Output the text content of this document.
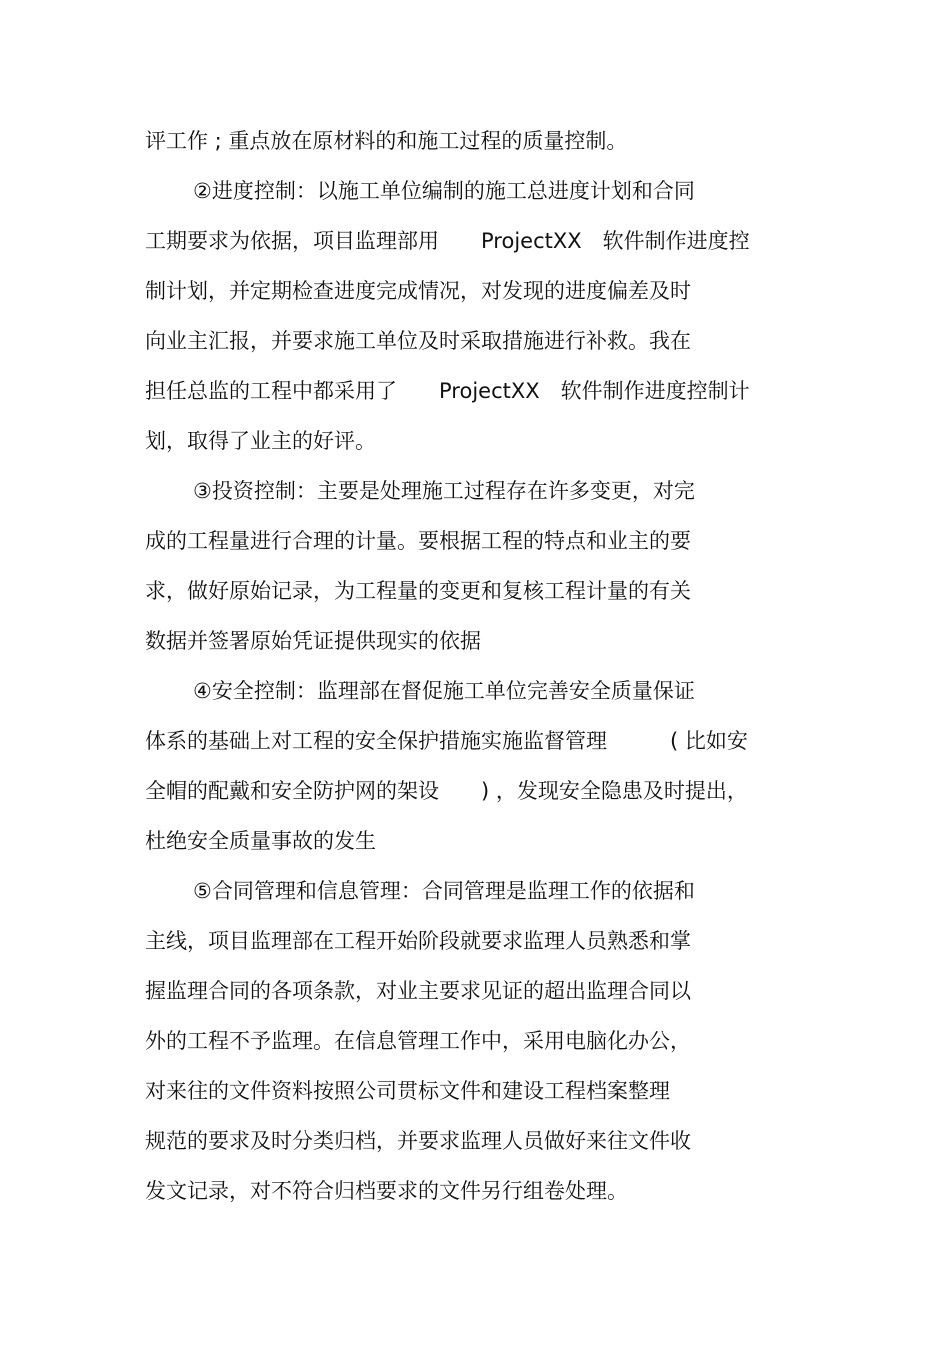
评工作 ; 重点放在原材料的和施工过程的质量控制。
②进度控制：以施工单位编制的施工总进度计划和合同
工期要求为依据，项目监理部用　　ProjectXX　软件制作进度控
制计划，并定期检查进度完成情况，对发现的进度偏差及时
向业主汇报，并要求施工单位及时采取措施进行补救。我在
担任总监的工程中都采用了　　ProjectXX　软件制作进度控制计
划，取得了业主的好评。
③投资控制：主要是处理施工过程存在许多变更，对完
成的工程量进行合理的计量。要根据工程的特点和业主的要
求，做好原始记录，为工程量的变更和复核工程计量的有关
数据并签署原始凭证提供现实的依据
④安全控制：监理部在督促施工单位完善安全质量保证
体系的基础上对工程的安全保护措施实施监督管理　　　( 比如安
全帽的配戴和安全防护网的架设　　) ，发现安全隐患及时提出，
杜绝安全质量事故的发生
⑤合同管理和信息管理：合同管理是监理工作的依据和
主线，项目监理部在工程开始阶段就要求监理人员熟悉和掌
握监理合同的各项条款，对业主要求见证的超出监理合同以
外的工程不予监理。在信息管理工作中，采用电脑化办公，
对来往的文件资料按照公司贯标文件和建设工程档案整理
规范的要求及时分类归档，并要求监理人员做好来往文件收
发文记录，对不符合归档要求的文件另行组卷处理。
